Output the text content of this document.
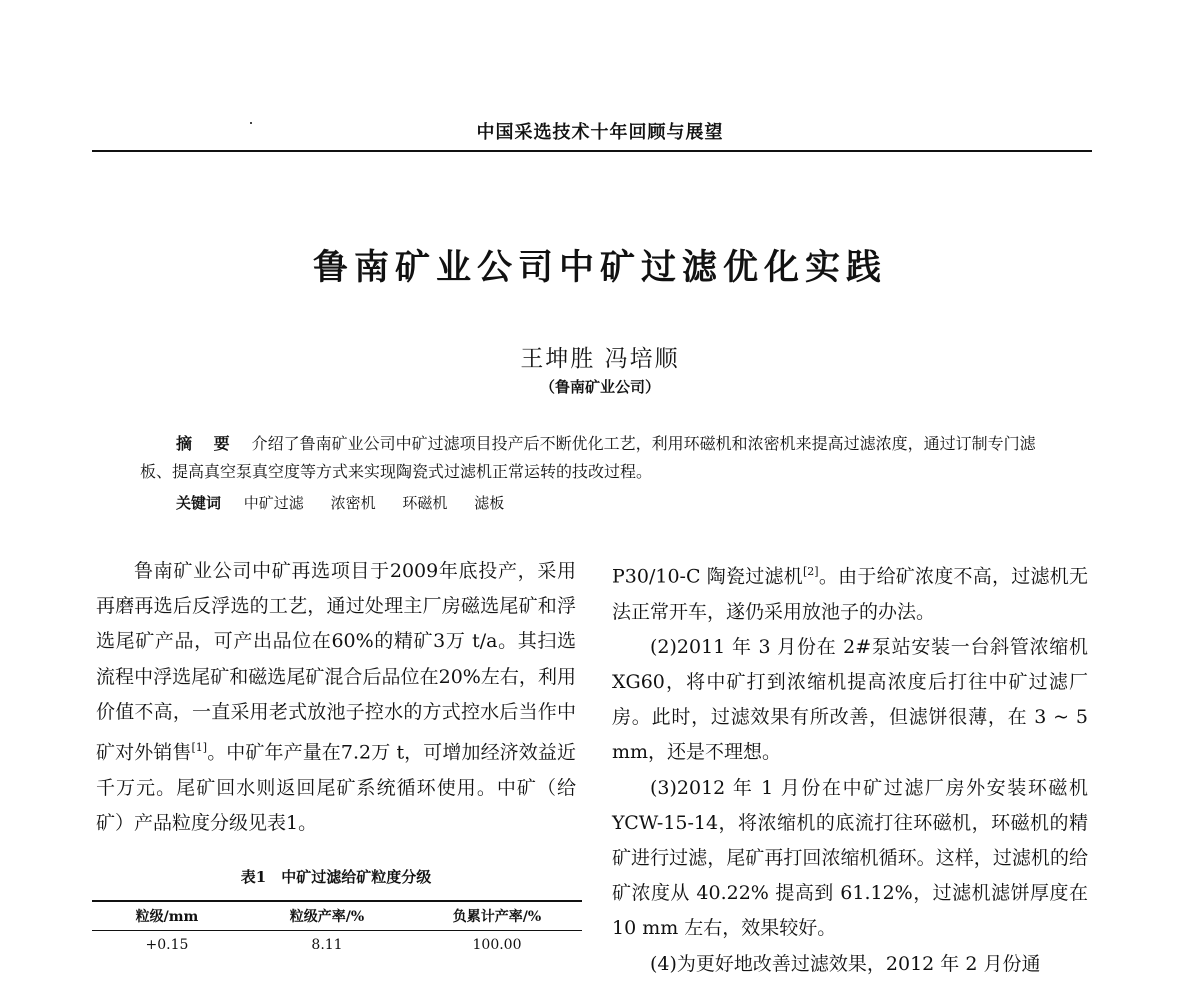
中国采选技术十年回顾与展望
鲁南矿业公司中矿过滤优化实践
王坤胜 冯培顺
（鲁南矿业公司）
摘 要 介绍了鲁南矿业公司中矿过滤项目投产后不断优化工艺，利用环磁机和浓密机来提高过滤浓度，通过订制专门滤板、提高真空泵真空度等方式来实现陶瓷式过滤机正常运转的技改过程。
关键词 中矿过滤 浓密机 环磁机 滤板

鲁南矿业公司中矿再选项目于2009年底投产，采用再磨再选后反浮选的工艺，通过处理主厂房磁选尾矿和浮选尾矿产品，可产出品位在60%的精矿3万 t/a。其扫选流程中浮选尾矿和磁选尾矿混合后品位在20%左右，利用价值不高，一直采用老式放池子控水的方式控水后当作中矿对外销售[1]。中矿年产量在7.2万 t，可增加经济效益近千万元。尾矿回水则返回尾矿系统循环使用。中矿（给矿）产品粒度分级见表1。

表1　中矿过滤给矿粒度分级
粒级/mm	粒级产率/%	负累计产率/%
+0.15	8.11	100.00

P30/10-C 陶瓷过滤机[2]。由于给矿浓度不高，过滤机无法正常开车，遂仍采用放池子的办法。

(2)2011 年 3 月份在 2#泵站安装一台斜管浓缩机 XG60，将中矿打到浓缩机提高浓度后打往中矿过滤厂房。此时，过滤效果有所改善，但滤饼很薄，在 3 ~ 5 mm，还是不理想。

(3)2012 年 1 月份在中矿过滤厂房外安装环磁机 YCW-15-14，将浓缩机的底流打往环磁机，环磁机的精矿进行过滤，尾矿再打回浓缩机循环。这样，过滤机的给矿浓度从 40.22% 提高到 61.12%，过滤机滤饼厚度在 10 mm 左右，效果较好。

(4)为更好地改善过滤效果，2012 年 2 月份通
